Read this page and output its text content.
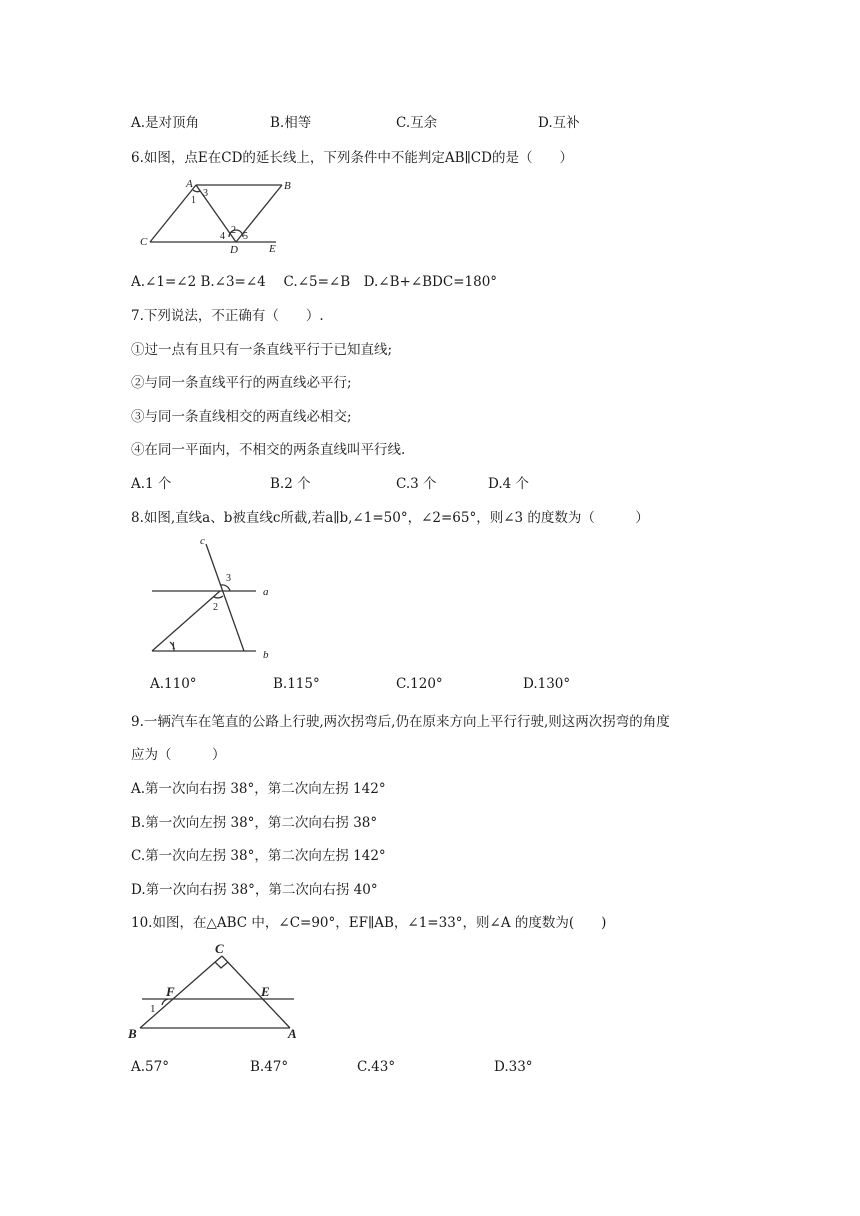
A.是对顶角	B.相等	C.互余	D.互补
6.如图，点E在CD的延长线上，下列条件中不能判定AB∥CD的是（　　）
A	B
C
D	E
1
2
3
4 5
A.∠1=∠2 B.∠3=∠4　 C.∠5=∠B　D.∠B+∠BDC=180°
7.下列说法，不正确有（　　）.
①过一点有且只有一条直线平行于已知直线;
②与同一条直线平行的两直线必平行;
③与同一条直线相交的两直线必相交;
④在同一平面内，不相交的两条直线叫平行线.
A.1 个	B.2 个	C.3 个	D.4 个
8.如图,直线a、b被直线c所截,若a∥b,∠1=50°，∠2=65°，则∠3 的度数为（　　　）
c
a
b
1
2
3
A.110°	B.115°	C.120°	D.130°
9.一辆汽车在笔直的公路上行驶,两次拐弯后,仍在原来方向上平行行驶,则这两次拐弯的角度
应为（　　　）
A.第一次向右拐 38°，第二次向左拐 142°
B.第一次向左拐 38°，第二次向右拐 38°
C.第一次向左拐 38°，第二次向左拐 142°
D.第一次向右拐 38°，第二次向右拐 40°
10.如图，在△ABC 中，∠C=90°，EF∥AB，∠1=33°，则∠A 的度数为(　　)
C
F	E
B	A
1
A.57°	B.47°	C.43°	D.33°
